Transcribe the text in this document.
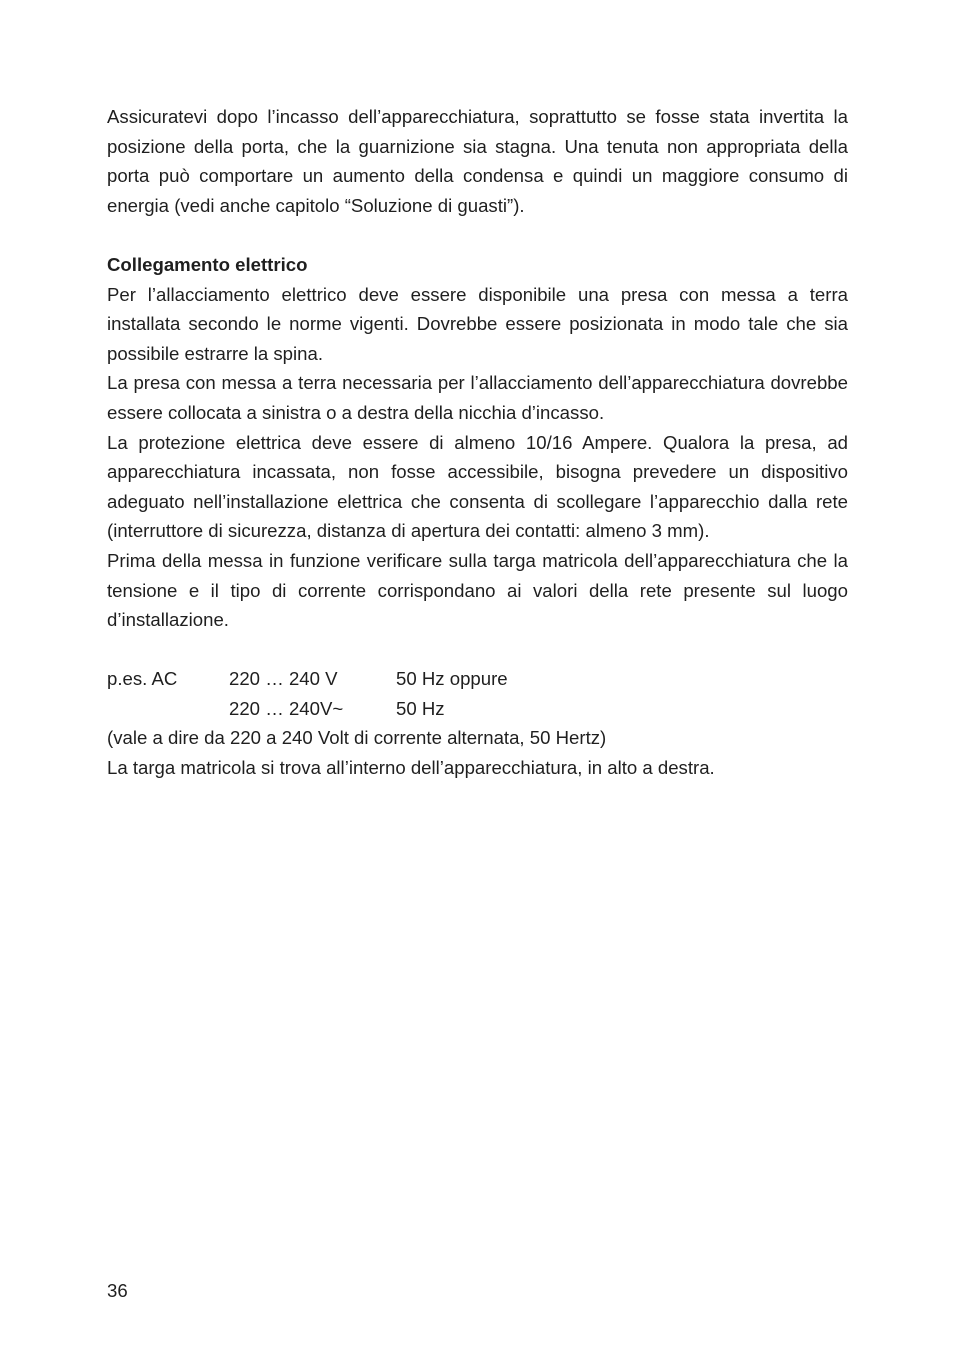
Assicuratevi dopo l’incasso dell’apparecchiatura, soprattutto se fosse stata invertita la posizione della porta, che la guarnizione sia stagna. Una tenuta non appropriata della porta può comportare un aumento della condensa e quindi un maggiore consumo di energia (vedi anche capitolo “Soluzione di guasti”).

Collegamento elettrico

Per l’allacciamento elettrico deve essere disponibile una presa con messa a terra installata secondo le norme vigenti. Dovrebbe essere posizionata in modo tale che sia possibile estrarre la spina.

La presa con messa a terra necessaria per l’allacciamento dell’apparecchiatura dovrebbe essere collocata a sinistra o a destra della nicchia d’incasso.

La protezione elettrica deve essere di almeno 10/16 Ampere. Qualora la presa, ad apparecchiatura incassata, non fosse accessibile, bisogna prevedere un dispositivo adeguato nell’installazione elettrica che consenta di scollegare l’apparecchio dalla rete (interruttore di sicurezza, distanza di apertura dei contatti: almeno 3 mm).

Prima della messa in funzione verificare sulla targa matricola dell’apparecchiatura che la tensione e il tipo di corrente corrispondano ai valori della rete presente sul luogo d’installazione.

p.es. AC	220 … 240 V	50 Hz oppure
	220 … 240V~	50 Hz

(vale a dire da 220 a 240 Volt di corrente alternata, 50 Hertz)

La targa matricola si trova all’interno dell’apparecchiatura, in alto a destra.

36
